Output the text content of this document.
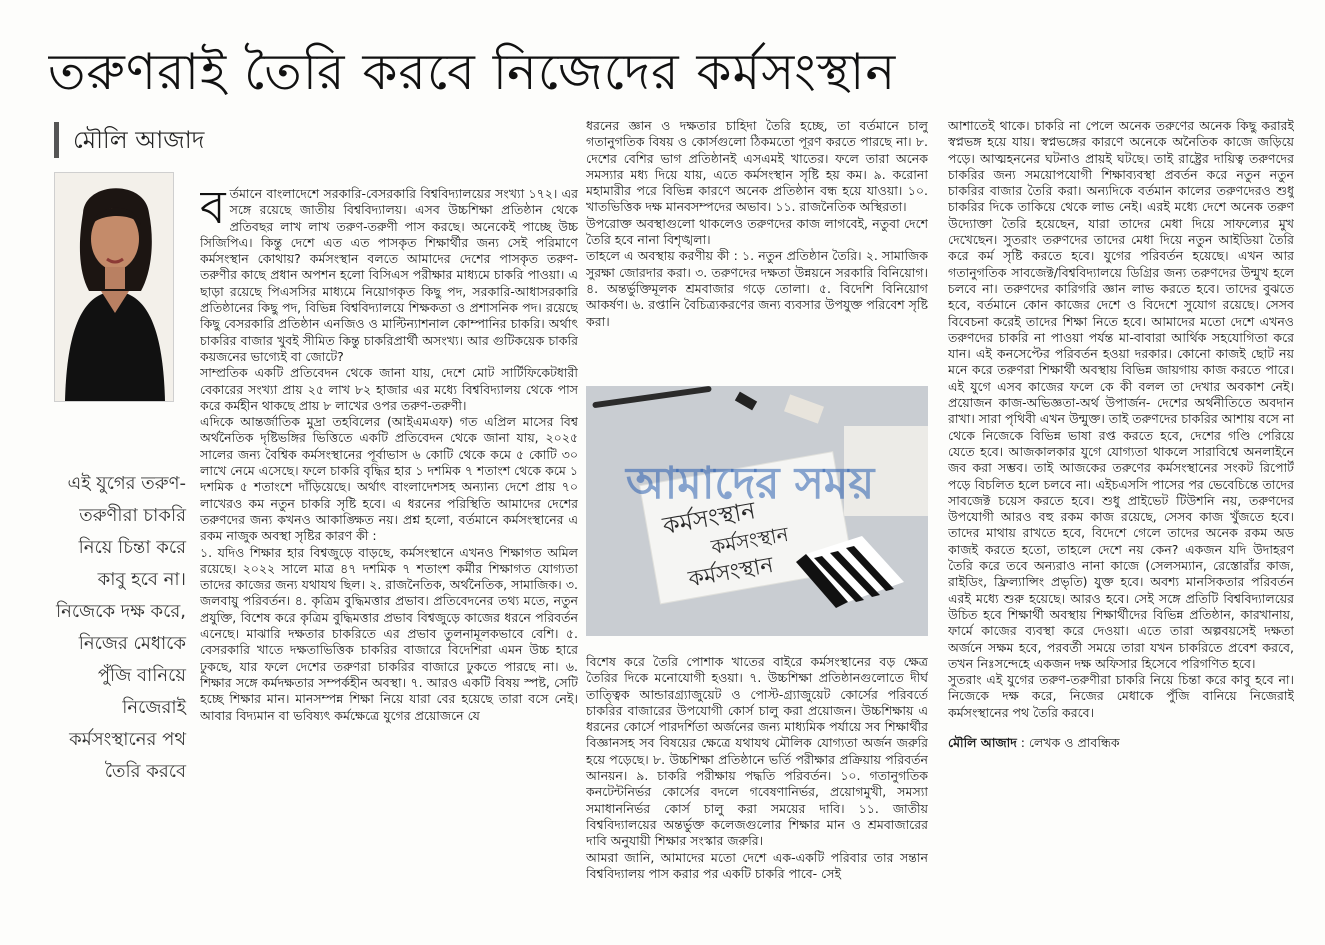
তরুণরাই তৈরি করবে নিজেদের কর্মসংস্থান
মৌলি আজাদ
এই যুগের তরুণ-তরুণীরা চাকরি নিয়ে চিন্তা করে কাবু হবে না। নিজেকে দক্ষ করে, নিজের মেধাকে পুঁজি বানিয়ে নিজেরাই কর্মসংস্থানের পথ তৈরি করবে

বর্তমানে বাংলাদেশে সরকারি-বেসরকারি বিশ্ববিদ্যালয়ের সংখ্যা ১৭২। এর সঙ্গে রয়েছে জাতীয় বিশ্ববিদ্যালয়। এসব উচ্চশিক্ষা প্রতিষ্ঠান থেকে প্রতিবছর লাখ লাখ তরুণ-তরুণী পাস করছে। অনেকেই পাচ্ছে উচ্চ সিজিপিএ। কিন্তু দেশে এত এত পাসকৃত শিক্ষার্থীর জন্য সেই পরিমাণে কর্মসংস্থান কোথায়? কর্মসংস্থান বলতে আমাদের দেশের পাসকৃত তরুণ-তরুণীর কাছে প্রধান অপশন হলো বিসিএস পরীক্ষার মাধ্যমে চাকরি পাওয়া। এ ছাড়া রয়েছে পিএসসির মাধ্যমে নিয়োগকৃত কিছু পদ, সরকারি-আধাসরকারি প্রতিষ্ঠানের কিছু পদ, বিভিন্ন বিশ্ববিদ্যালয়ে শিক্ষকতা ও প্রশাসনিক পদ। রয়েছে কিছু বেসরকারি প্রতিষ্ঠান এনজিও ও মাল্টিন্যাশনাল কোম্পানির চাকরি। অর্থাৎ চাকরির বাজার খুবই সীমিত কিন্তু চাকরিপ্রার্থী অসংখ্য। আর গুটিকয়েক চাকরি কয়জনের ভাগ্যেই বা জোটে?

সাম্প্রতিক একটি প্রতিবেদন থেকে জানা যায়, দেশে মোট সার্টিফিকেটধারী বেকারের সংখ্যা প্রায় ২৫ লাখ ৮২ হাজার এর মধ্যে বিশ্ববিদ্যালয় থেকে পাস করে কর্মহীন থাকছে প্রায় ৮ লাখের ওপর তরুণ-তরুণী।

এদিকে আন্তর্জাতিক মুদ্রা তহবিলের (আইএমএফ) গত এপ্রিল মাসের বিশ্ব অর্থনৈতিক দৃষ্টিভঙ্গির ভিত্তিতে একটি প্রতিবেদন থেকে জানা যায়, ২০২৫ সালের জন্য বৈশ্বিক কর্মসংস্থানের পূর্বাভাস ৬ কোটি থেকে কমে ৫ কোটি ৩০ লাখে নেমে এসেছে। ফলে চাকরি বৃদ্ধির হার ১ দশমিক ৭ শতাংশ থেকে কমে ১ দশমিক ৫ শতাংশে দাঁড়িয়েছে। অর্থাৎ বাংলাদেশসহ অন্যান্য দেশে প্রায় ৭০ লাখেরও কম নতুন চাকরি সৃষ্টি হবে। এ ধরনের পরিস্থিতি আমাদের দেশের তরুণদের জন্য কখনও আকাঙ্ক্ষিত নয়। প্রশ্ন হলো, বর্তমানে কর্মসংস্থানের এ রকম নাজুক অবস্থা সৃষ্টির কারণ কী :

১. যদিও শিক্ষার হার বিশ্বজুড়ে বাড়ছে, কর্মসংস্থানে এখনও শিক্ষাগত অমিল রয়েছে। ২০২২ সালে মাত্র ৪৭ দশমিক ৭ শতাংশ কর্মীর শিক্ষাগত যোগ্যতা তাদের কাজের জন্য যথাযথ ছিল। ২. রাজনৈতিক, অর্থনৈতিক, সামাজিক। ৩. জলবায়ু পরিবর্তন। ৪. কৃত্রিম বুদ্ধিমত্তার প্রভাব। প্রতিবেদনের তথ্য মতে, নতুন প্রযুক্তি, বিশেষ করে কৃত্রিম বুদ্ধিমত্তার প্রভাব বিশ্বজুড়ে কাজের ধরনে পরিবর্তন এনেছে। মাঝারি দক্ষতার চাকরিতে এর প্রভাব তুলনামূলকভাবে বেশি। ৫. বেসরকারি খাতে দক্ষতাভিত্তিক চাকরির বাজারে বিদেশিরা এমন উচ্চ হারে ঢুকছে, যার ফলে দেশের তরুণরা চাকরির বাজারে ঢুকতে পারছে না। ৬. শিক্ষার সঙ্গে কর্মদক্ষতার সম্পর্কহীন অবস্থা। ৭. আরও একটি বিষয় স্পষ্ট, সেটি হচ্ছে শিক্ষার মান। মানসম্পন্ন শিক্ষা নিয়ে যারা বের হয়েছে তারা বসে নেই। আবার বিদ্যমান বা ভবিষ্যৎ কর্মক্ষেত্রে যুগের প্রয়োজনে যে

ধরনের জ্ঞান ও দক্ষতার চাহিদা তৈরি হচ্ছে, তা বর্তমানে চালু গতানুগতিক বিষয় ও কোর্সগুলো ঠিকমতো পূরণ করতে পারছে না। ৮. দেশের বেশির ভাগ প্রতিষ্ঠানই এসএমই খাতের। ফলে তারা অনেক সমস্যার মধ্য দিয়ে যায়, এতে কর্মসংস্থান সৃষ্টি হয় কম। ৯. করোনা মহামারীর পরে বিভিন্ন কারণে অনেক প্রতিষ্ঠান বন্ধ হয়ে যাওয়া। ১০. খাতভিত্তিক দক্ষ মানবসম্পদের অভাব। ১১. রাজনৈতিক অস্থিরতা।

উপরোক্ত অবস্থাগুলো থাকলেও তরুণদের কাজ লাগবেই, নতুবা দেশে তৈরি হবে নানা বিশৃঙ্খলা।

তাহলে এ অবস্থায় করণীয় কী : ১. নতুন প্রতিষ্ঠান তৈরি। ২. সামাজিক সুরক্ষা জোরদার করা। ৩. তরুণদের দক্ষতা উন্নয়নে সরকারি বিনিয়োগ। ৪. অন্তর্ভুক্তিমূলক শ্রমবাজার গড়ে তোলা। ৫. বিদেশি বিনিয়োগ আকর্ষণ। ৬. রপ্তানি বৈচিত্র্যকরণের জন্য ব্যবসার উপযুক্ত পরিবেশ সৃষ্টি করা।

কর্মসংস্থান
কর্মসংস্থান
কর্মসংস্থান
আমাদের সময়

বিশেষ করে তৈরি পোশাক খাতের বাইরে কর্মসংস্থানের বড় ক্ষেত্র তৈরির দিকে মনোযোগী হওয়া। ৭. উচ্চশিক্ষা প্রতিষ্ঠানগুলোতে দীর্ঘ তাত্ত্বিক আন্ডারগ্র্যাজুয়েট ও পোস্ট-গ্র্যাজুয়েট কোর্সের পরিবর্তে চাকরির বাজারের উপযোগী কোর্স চালু করা প্রয়োজন। উচ্চশিক্ষায় এ ধরনের কোর্সে পারদর্শিতা অর্জনের জন্য মাধ্যমিক পর্যায়ে সব শিক্ষার্থীর বিজ্ঞানসহ সব বিষয়ের ক্ষেত্রে যথাযথ মৌলিক যোগ্যতা অর্জন জরুরি হয়ে পড়েছে। ৮. উচ্চশিক্ষা প্রতিষ্ঠানে ভর্তি পরীক্ষার প্রক্রিয়ায় পরিবর্তন আনয়ন। ৯. চাকরি পরীক্ষায় পদ্ধতি পরিবর্তন। ১০. গতানুগতিক কনটেন্টনির্ভর কোর্সের বদলে গবেষণানির্ভর, প্রয়োগমুখী, সমস্যা সমাধাননির্ভর কোর্স চালু করা সময়ের দাবি। ১১. জাতীয় বিশ্ববিদ্যালয়ের অন্তর্ভুক্ত কলেজগুলোর শিক্ষার মান ও শ্রমবাজারের দাবি অনুযায়ী শিক্ষার সংস্কার জরুরি।

আমরা জানি, আমাদের মতো দেশে এক-একটি পরিবার তার সন্তান বিশ্ববিদ্যালয় পাস করার পর একটি চাকরি পাবে- সেই

আশাতেই থাকে। চাকরি না পেলে অনেক তরুণের অনেক কিছু করারই স্বপ্নভঙ্গ হয়ে যায়। স্বপ্নভঙ্গের কারণে অনেকে অনৈতিক কাজে জড়িয়ে পড়ে। আত্মহননের ঘটনাও প্রায়ই ঘটছে। তাই রাষ্ট্রের দায়িত্ব তরুণদের চাকরির জন্য সময়োপযোগী শিক্ষাব্যবস্থা প্রবর্তন করে নতুন নতুন চাকরির বাজার তৈরি করা। অন্যদিকে বর্তমান কালের তরুণদেরও শুধু চাকরির দিকে তাকিয়ে থেকে লাভ নেই। এরই মধ্যে দেশে অনেক তরুণ উদ্যোক্তা তৈরি হয়েছেন, যারা তাদের মেধা দিয়ে সাফল্যের মুখ দেখেছেন। সুতরাং তরুণদের তাদের মেধা দিয়ে নতুন আইডিয়া তৈরি করে কর্ম সৃষ্টি করতে হবে। যুগের পরিবর্তন হয়েছে। এখন আর গতানুগতিক সাবজেক্ট/বিশ্ববিদ্যালয়ে ডিগ্রির জন্য তরুণদের উন্মুখ হলে চলবে না। তরুণদের কারিগরি জ্ঞান লাভ করতে হবে। তাদের বুঝতে হবে, বর্তমানে কোন কাজের দেশে ও বিদেশে সুযোগ রয়েছে। সেসব বিবেচনা করেই তাদের শিক্ষা নিতে হবে। আমাদের মতো দেশে এখনও তরুণদের চাকরি না পাওয়া পর্যন্ত মা-বাবারা আর্থিক সহযোগিতা করে যান। এই কনসেপ্টের পরিবর্তন হওয়া দরকার। কোনো কাজই ছোট নয় মনে করে তরুণরা শিক্ষার্থী অবস্থায় বিভিন্ন জায়গায় কাজ করতে পারে। এই যুগে এসব কাজের ফলে কে কী বলল তা দেখার অবকাশ নেই। প্রয়োজন কাজ-অভিজ্ঞতা-অর্থ উপার্জন- দেশের অর্থনীতিতে অবদান রাখা। সারা পৃথিবী এখন উন্মুক্ত। তাই তরুণদের চাকরির আশায় বসে না থেকে নিজেকে বিভিন্ন ভাষা রপ্ত করতে হবে, দেশের গণ্ডি পেরিয়ে যেতে হবে। আজকালকার যুগে যোগ্যতা থাকলে সারাবিশ্বে অনলাইনে জব করা সম্ভব। তাই আজকের তরুণের কর্মসংস্থানের সংকট রিপোর্ট পড়ে বিচলিত হলে চলবে না। এইচএসসি পাসের পর ভেবেচিন্তে তাদের সাবজেক্ট চয়েস করতে হবে। শুধু প্রাইভেট টিউশনি নয়, তরুণদের উপযোগী আরও বহু রকম কাজ রয়েছে, সেসব কাজ খুঁজতে হবে। তাদের মাথায় রাখতে হবে, বিদেশে গেলে তাদের অনেক রকম অড কাজই করতে হতো, তাহলে দেশে নয় কেন? একজন যদি উদাহরণ তৈরি করে তবে অন্যরাও নানা কাজে (সেলসম্যান, রেস্তোরাঁর কাজ, রাইডিং, ফ্রিল্যান্সিং প্রভৃতি) যুক্ত হবে। অবশ্য মানসিকতার পরিবর্তন এরই মধ্যে শুরু হয়েছে। আরও হবে। সেই সঙ্গে প্রতিটি বিশ্ববিদ্যালয়ের উচিত হবে শিক্ষার্থী অবস্থায় শিক্ষার্থীদের বিভিন্ন প্রতিষ্ঠান, কারখানায়, ফার্মে কাজের ব্যবস্থা করে দেওয়া। এতে তারা অল্পবয়সেই দক্ষতা অর্জনে সক্ষম হবে, পরবর্তী সময়ে তারা যখন চাকরিতে প্রবেশ করবে, তখন নিঃসন্দেহে একজন দক্ষ অফিসার হিসেবে পরিগণিত হবে।

সুতরাং এই যুগের তরুণ-তরুণীরা চাকরি নিয়ে চিন্তা করে কাবু হবে না। নিজেকে দক্ষ করে, নিজের মেধাকে পুঁজি বানিয়ে নিজেরাই কর্মসংস্থানের পথ তৈরি করবে।

মৌলি আজাদ : লেখক ও প্রাবন্ধিক
